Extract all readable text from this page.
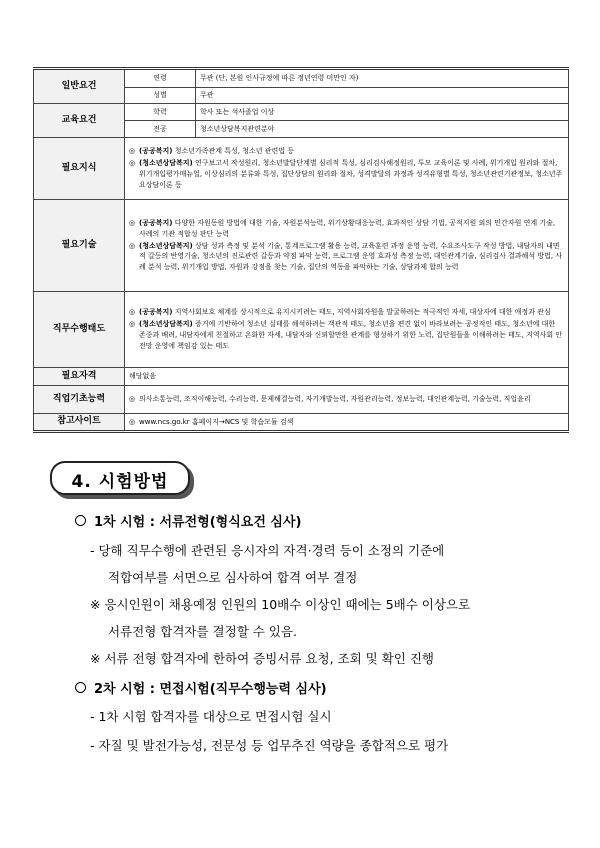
일반요건	연령	무관 (단, 본원 인사규정에 따른 정년연령 미만인 자)
	성별	무관
교육요건	학력	학사 또는 석사졸업 이상
	전공	청소년상담복지관련분야
필요지식	◎ (공공복지) 청소년가족관계 특성, 청소년 관련법 등
◎ (청소년상담복지) 연구보고서 작성원리, 청소년발달단계별 심리적 특성, 심리검사해정원리, 투모 교육이론 및 사례, 위기개입 원리와 절차, 위기개입평가매뉴얼, 이상심리의 분류와 특성, 집단상담의 원리와 절차, 성격발달의 과정과 성격유형별 특성, 청소년관련기관정보, 청소년주요상담이론 등	

필요기술	◎ (공공복지) 다양한 자원동원 방법에 대한 기술, 자원분석능력, 위기상황대응능력, 효과적인 상담 기법, 공적지원 외의 민간자원 연계 기술, 사례의 기관 적합성 판단 능력
◎ (청소년상담복지) 상담 성과 측정 및 분석 기술, 통계프로그램 활용 능력, 교육훈련 과정 운영 능력, 수요조사도구 작성 방법, 내담자의 내면적 갈등의 반영기술, 청소년의 진로관련 갈등과 약점 파악 능력, 프로그램 운영 효과성 측정 능력, 대인관계기술, 심리검사 결과해석 방법, 사례 분석 능력, 위기개입 방법, 자원과 강점을 찾는 기술, 집단의 역동을 파악하는 기술, 상담과제 합의 능력	

직무수행태도	◎ (공공복지) 지역사회보호 체계를 상시적으로 유지시키려는 태도, 지역사회자원을 발굴하려는 적극적인 자세, 대상자에 대한 애정과 관심
◎ (청소년상담복지) 증거에 기반하여 청소년 실태를 해석하려는 객관적 태도, 청소년을 편견 없이 바라보려는 공정적인 태도, 청소년에 대한 존중과 배려, 내담자에게 친절하고 온화한 자세, 내담자와 신뢰할만한 관계를 형성하기 위한 노력, 집단원들을 이해하려는 태도, 지역사회 안전망 운영에 책임감 있는 태도	

필요자격	해당없음	
직업기초능력	◎ 의사소통능력, 조직이해능력, 수리능력, 문제해결능력, 자기개발능력, 자원관리능력, 정보능력, 대인관계능력, 기술능력, 직업윤리	

참고사이트	◎ www.ncs.go.kr 홈페이지→NCS 및 학습모듈 검색	
4. 시험방법
1차 시험 : 서류전형(형식요건 심사)
- 당해 직무수행에 관련된 응시자의 자격·경력 등이 소정의 기준에
적합여부를 서면으로 심사하여 합격 여부 결정
※ 응시인원이 채용예정 인원의 10배수 이상인 때에는 5배수 이상으로
서류전형 합격자를 결정할 수 있음.
※ 서류 전형 합격자에 한하여 증빙서류 요청, 조회 및 확인 진행
2차 시험 : 면접시험(직무수행능력 심사)
- 1차 시험 합격자를 대상으로 면접시험 실시
- 자질 및 발전가능성, 전문성 등 업무추진 역량을 종합적으로 평가
